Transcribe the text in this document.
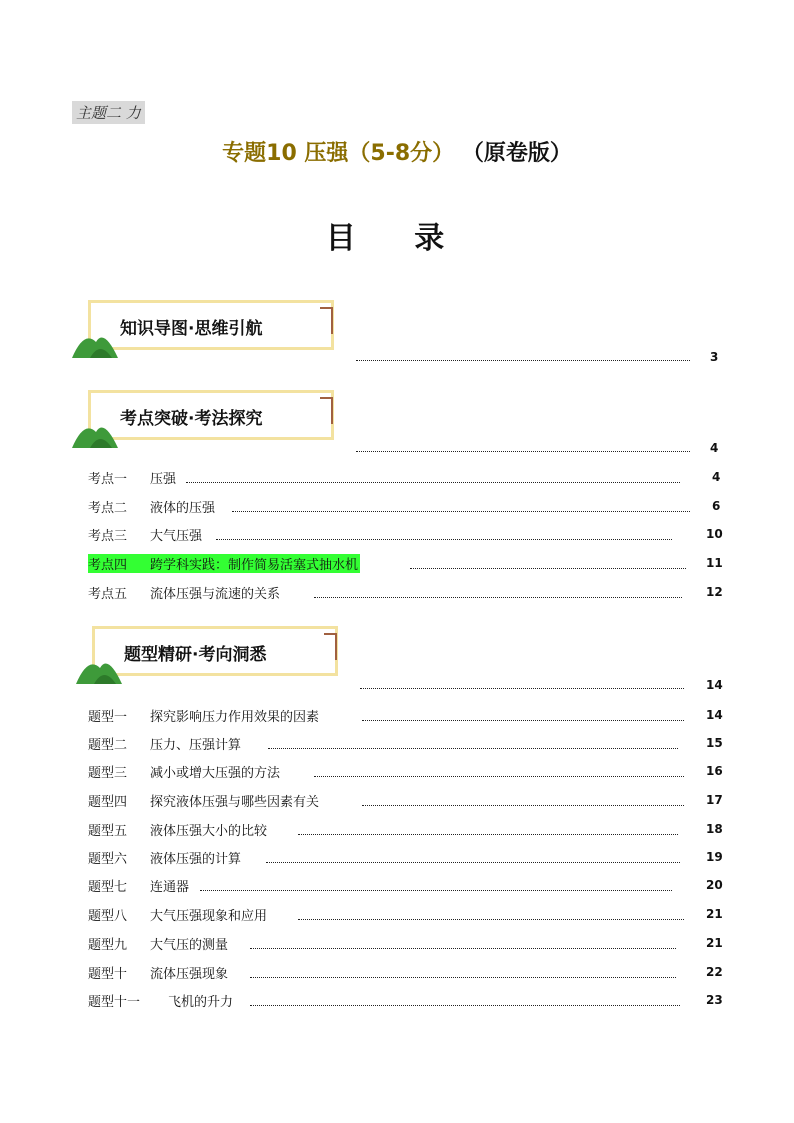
主题二 力
专题10 压强（5-8分） （原卷版）
目 录
知识导图·思维引航
3
考点突破·考法探究
4
考点一 压强	4
考点二 液体的压强	6
考点三 大气压强	10
考点四	跨学科实践：制作简易活塞式抽水机	11
考点五 流体压强与流速的关系	12
题型精研·考向洞悉
14
题型一 探究影响压力作用效果的因素	14
题型二 压力、压强计算	15
题型三 减小或增大压强的方法	16
题型四 探究液体压强与哪些因素有关	17
题型五 液体压强大小的比较	18
题型六 液体压强的计算	19
题型七 连通器	20
题型八 大气压强现象和应用	21
题型九 大气压的测量	21
题型十 流体压强现象	22
题型十一 飞机的升力	23
